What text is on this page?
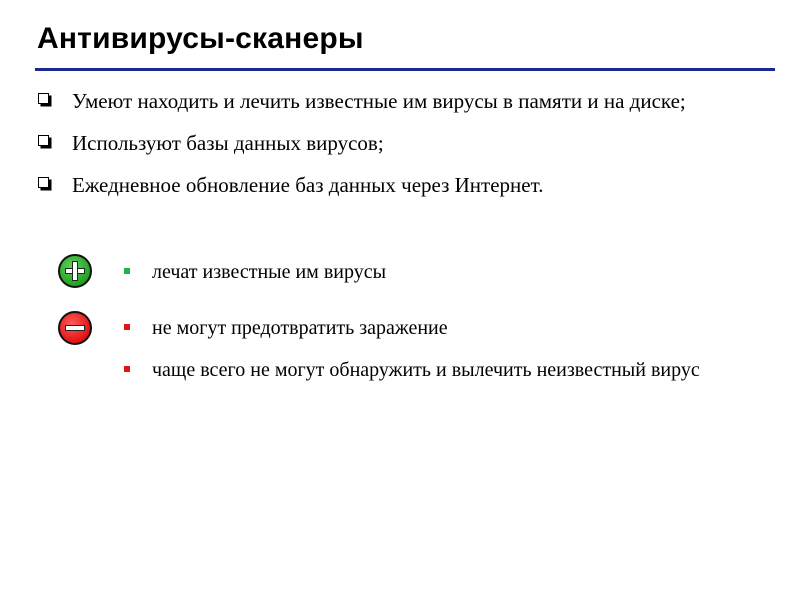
Антивирусы-сканеры
Умеют находить и лечить известные им вирусы в памяти и на диске;
Используют базы данных вирусов;
Ежедневное обновление баз данных через Интернет.
лечат известные им вирусы
не могут предотвратить заражение
чаще всего не могут обнаружить и вылечить неизвестный вирус
